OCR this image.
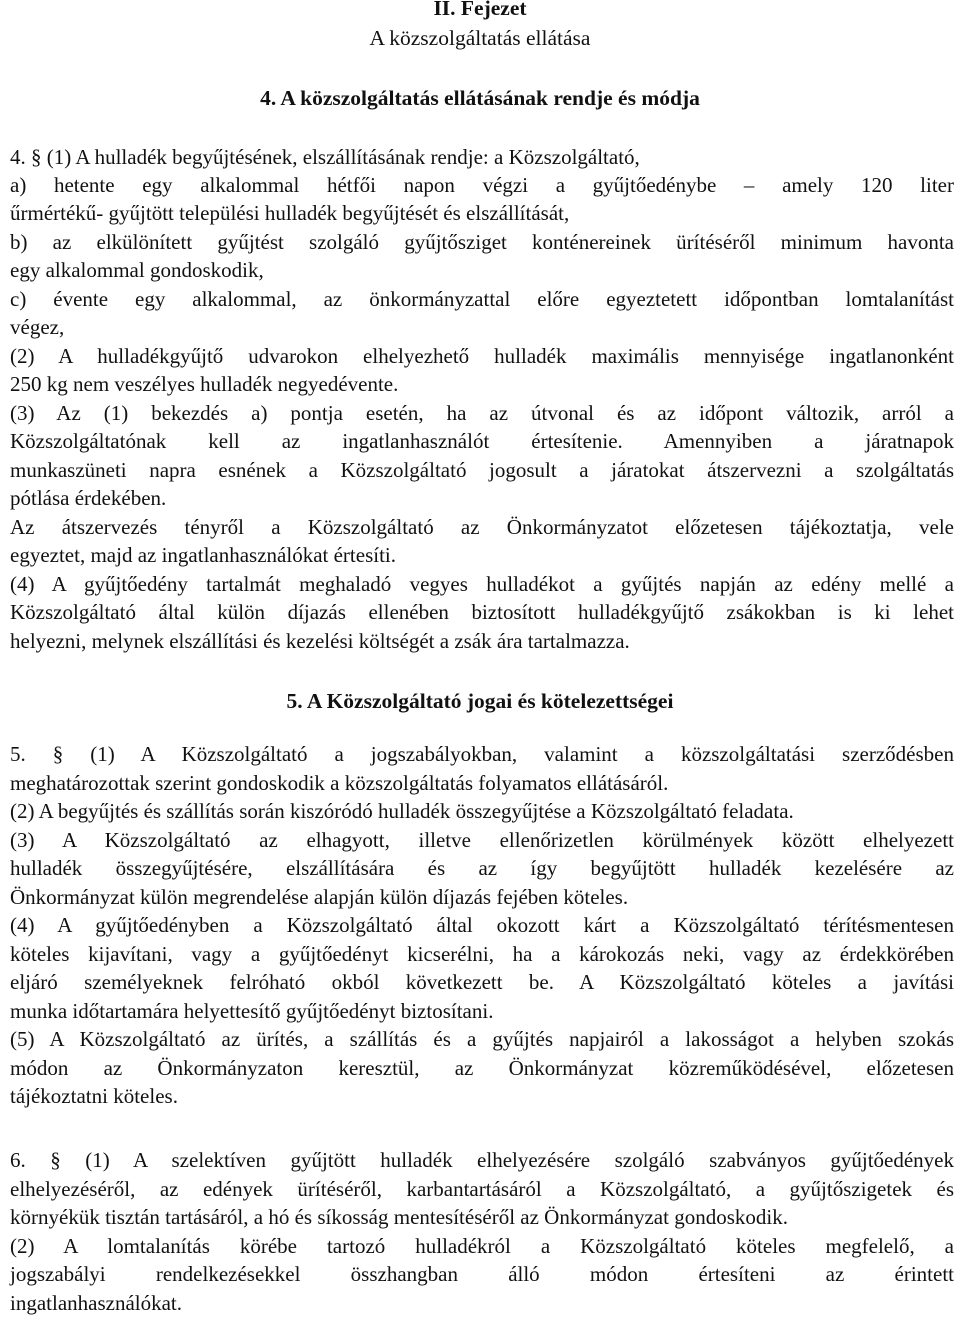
II. Fejezet
A közszolgáltatás ellátása
4. A közszolgáltatás ellátásának rendje és módja
4. § (1) A hulladék begyűjtésének, elszállításának rendje: a Közszolgáltató,
a) hetente egy alkalommal hétfői napon végzi a gyűjtőedénybe – amely 120 liter
űrmértékű- gyűjtött települési hulladék begyűjtését és elszállítását,
b) az elkülönített gyűjtést szolgáló gyűjtősziget konténereinek ürítéséről minimum havonta
egy alkalommal gondoskodik,
c) évente egy alkalommal, az önkormányzattal előre egyeztetett időpontban lomtalanítást
végez,
(2) A hulladékgyűjtő udvarokon elhelyezhető hulladék maximális mennyisége ingatlanonként
250 kg nem veszélyes hulladék negyedévente.
(3) Az (1) bekezdés a) pontja esetén, ha az útvonal és az időpont változik, arról a
Közszolgáltatónak kell az ingatlanhasználót értesítenie. Amennyiben a járatnapok
munkaszüneti napra esnének a Közszolgáltató jogosult a járatokat átszervezni a szolgáltatás
pótlása érdekében.
Az átszervezés tényről a Közszolgáltató az Önkormányzatot előzetesen tájékoztatja, vele
egyeztet, majd az ingatlanhasználókat értesíti.
(4) A gyűjtőedény tartalmát meghaladó vegyes hulladékot a gyűjtés napján az edény mellé a
Közszolgáltató által külön díjazás ellenében biztosított hulladékgyűjtő zsákokban is ki lehet
helyezni, melynek elszállítási és kezelési költségét a zsák ára tartalmazza.
5. A Közszolgáltató jogai és kötelezettségei
5. § (1) A Közszolgáltató a jogszabályokban, valamint a közszolgáltatási szerződésben
meghatározottak szerint gondoskodik a közszolgáltatás folyamatos ellátásáról.
(2) A begyűjtés és szállítás során kiszóródó hulladék összegyűjtése a Közszolgáltató feladata.
(3) A Közszolgáltató az elhagyott, illetve ellenőrizetlen körülmények között elhelyezett
hulladék összegyűjtésére, elszállítására és az így begyűjtött hulladék kezelésére az
Önkormányzat külön megrendelése alapján külön díjazás fejében köteles.
(4) A gyűjtőedényben a Közszolgáltató által okozott kárt a Közszolgáltató térítésmentesen
köteles kijavítani, vagy a gyűjtőedényt kicserélni, ha a károkozás neki, vagy az érdekkörében
eljáró személyeknek felróható okból következett be. A Közszolgáltató köteles a javítási
munka időtartamára helyettesítő gyűjtőedényt biztosítani.
(5) A Közszolgáltató az ürítés, a szállítás és a gyűjtés napjairól a lakosságot a helyben szokás
módon az Önkormányzaton keresztül, az Önkormányzat közreműködésével, előzetesen
tájékoztatni köteles.
6. § (1) A szelektíven gyűjtött hulladék elhelyezésére szolgáló szabványos gyűjtőedények
elhelyezéséről, az edények ürítéséről, karbantartásáról a Közszolgáltató, a gyűjtőszigetek és
környékük tisztán tartásáról, a hó és síkosság mentesítéséről az Önkormányzat gondoskodik.
(2) A lomtalanítás körébe tartozó hulladékról a Közszolgáltató köteles megfelelő, a
jogszabályi rendelkezésekkel összhangban álló módon értesíteni az érintett
ingatlanhasználókat.
